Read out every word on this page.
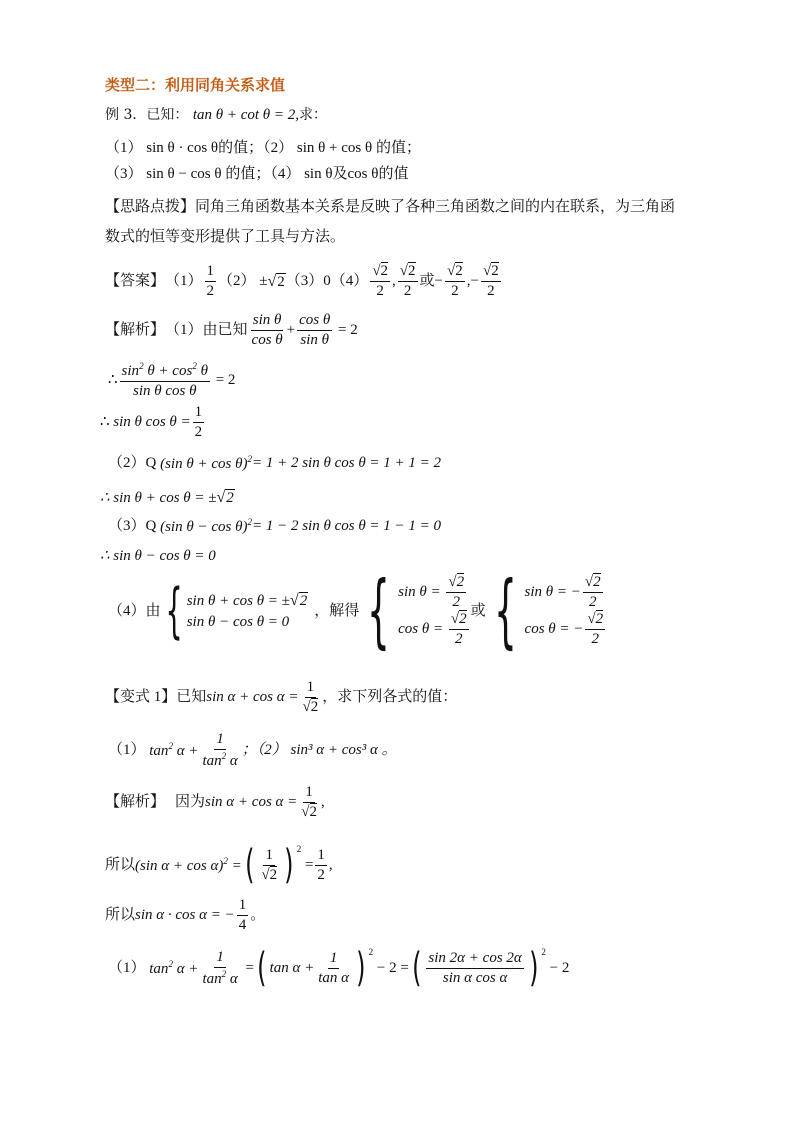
类型二：利用同角关系求值
例 3．已知： tan θ + cot θ = 2,求：
（1） sin θ · cos θ的值；（2） sin θ + cos θ 的值；
（3） sin θ − cos θ 的值；（4） sin θ及cos θ的值
【思路点拨】同角三角函数基本关系是反映了各种三角函数之间的内在联系，为三角函
数式的恒等变形提供了工具与方法。
【答案】 $(1) \frac{1}{2} (2) \pm √2$ $(3)0(4) \frac{√2}{2}$ , $\frac{√2}{2}$ 或 − $\frac{√2}{2}$ , − $\frac{√2}{2}$
【解析】 （1）由已知 $\frac{\text{sin θ}}{\text{cos θ}} + \frac{\text{cos θ}}{\text{sin θ}} = 2$
∴ $\frac{\sin^2 \theta + \cos^2 \theta}{\text{sin θ cos θ}} = 2$
∴ sin θ $\cos \theta = \frac{1}{2}$
（2）Q (sin θ + cos θ)$^2$ = 1 + 2 sin θ cos θ = 1 + 1 = 2
∴ sin θ + cos θ = ±√2
（3）Q (sin θ − cos θ)$^2$ = 1 − 2 sin θ cos θ = 1 − 1 = 0
∴ sin θ − cos θ = 0
（4）由 { sin θ + cos θ = ±√2
sin θ − cos θ = 0
，解得 { $\sin \theta = \frac{√2}{2}$
$\cos \theta = \frac{√2}{2}$
或 { sin θ = − $\frac{√2}{2}$
cos θ = − $\frac{√2}{2}$
【变式 1】已知 $\sin \alpha + \cos \alpha = \frac{1}{√2}$ ，求下列各式的值：
（1） $\tan^2 \alpha + \frac{1}{\tan^2 \alpha}$ ；（2） sin³ α + cos³ α 。
【解析】 因为 $\sin \alpha + \cos \alpha = \frac{1}{√2}$ ,
所以 (sin α + cos α)$^2$ = ( $\frac{1}{√2}$ ) $^2$
= $\frac{1}{2}$ ,
所以 sin α · cos α = − $\frac{1}{4}$ 。
（1） $\tan^2 \alpha + \frac{1}{\tan^2 \alpha}$ = ( $\tan \alpha + \frac{1}{\text{tan α}}$ ) $^2$
− 2 = ( $\frac{\sin 2\alpha + \cos 2\alpha}{\text{sin α cos α}}$ ) $^2$
− 2
